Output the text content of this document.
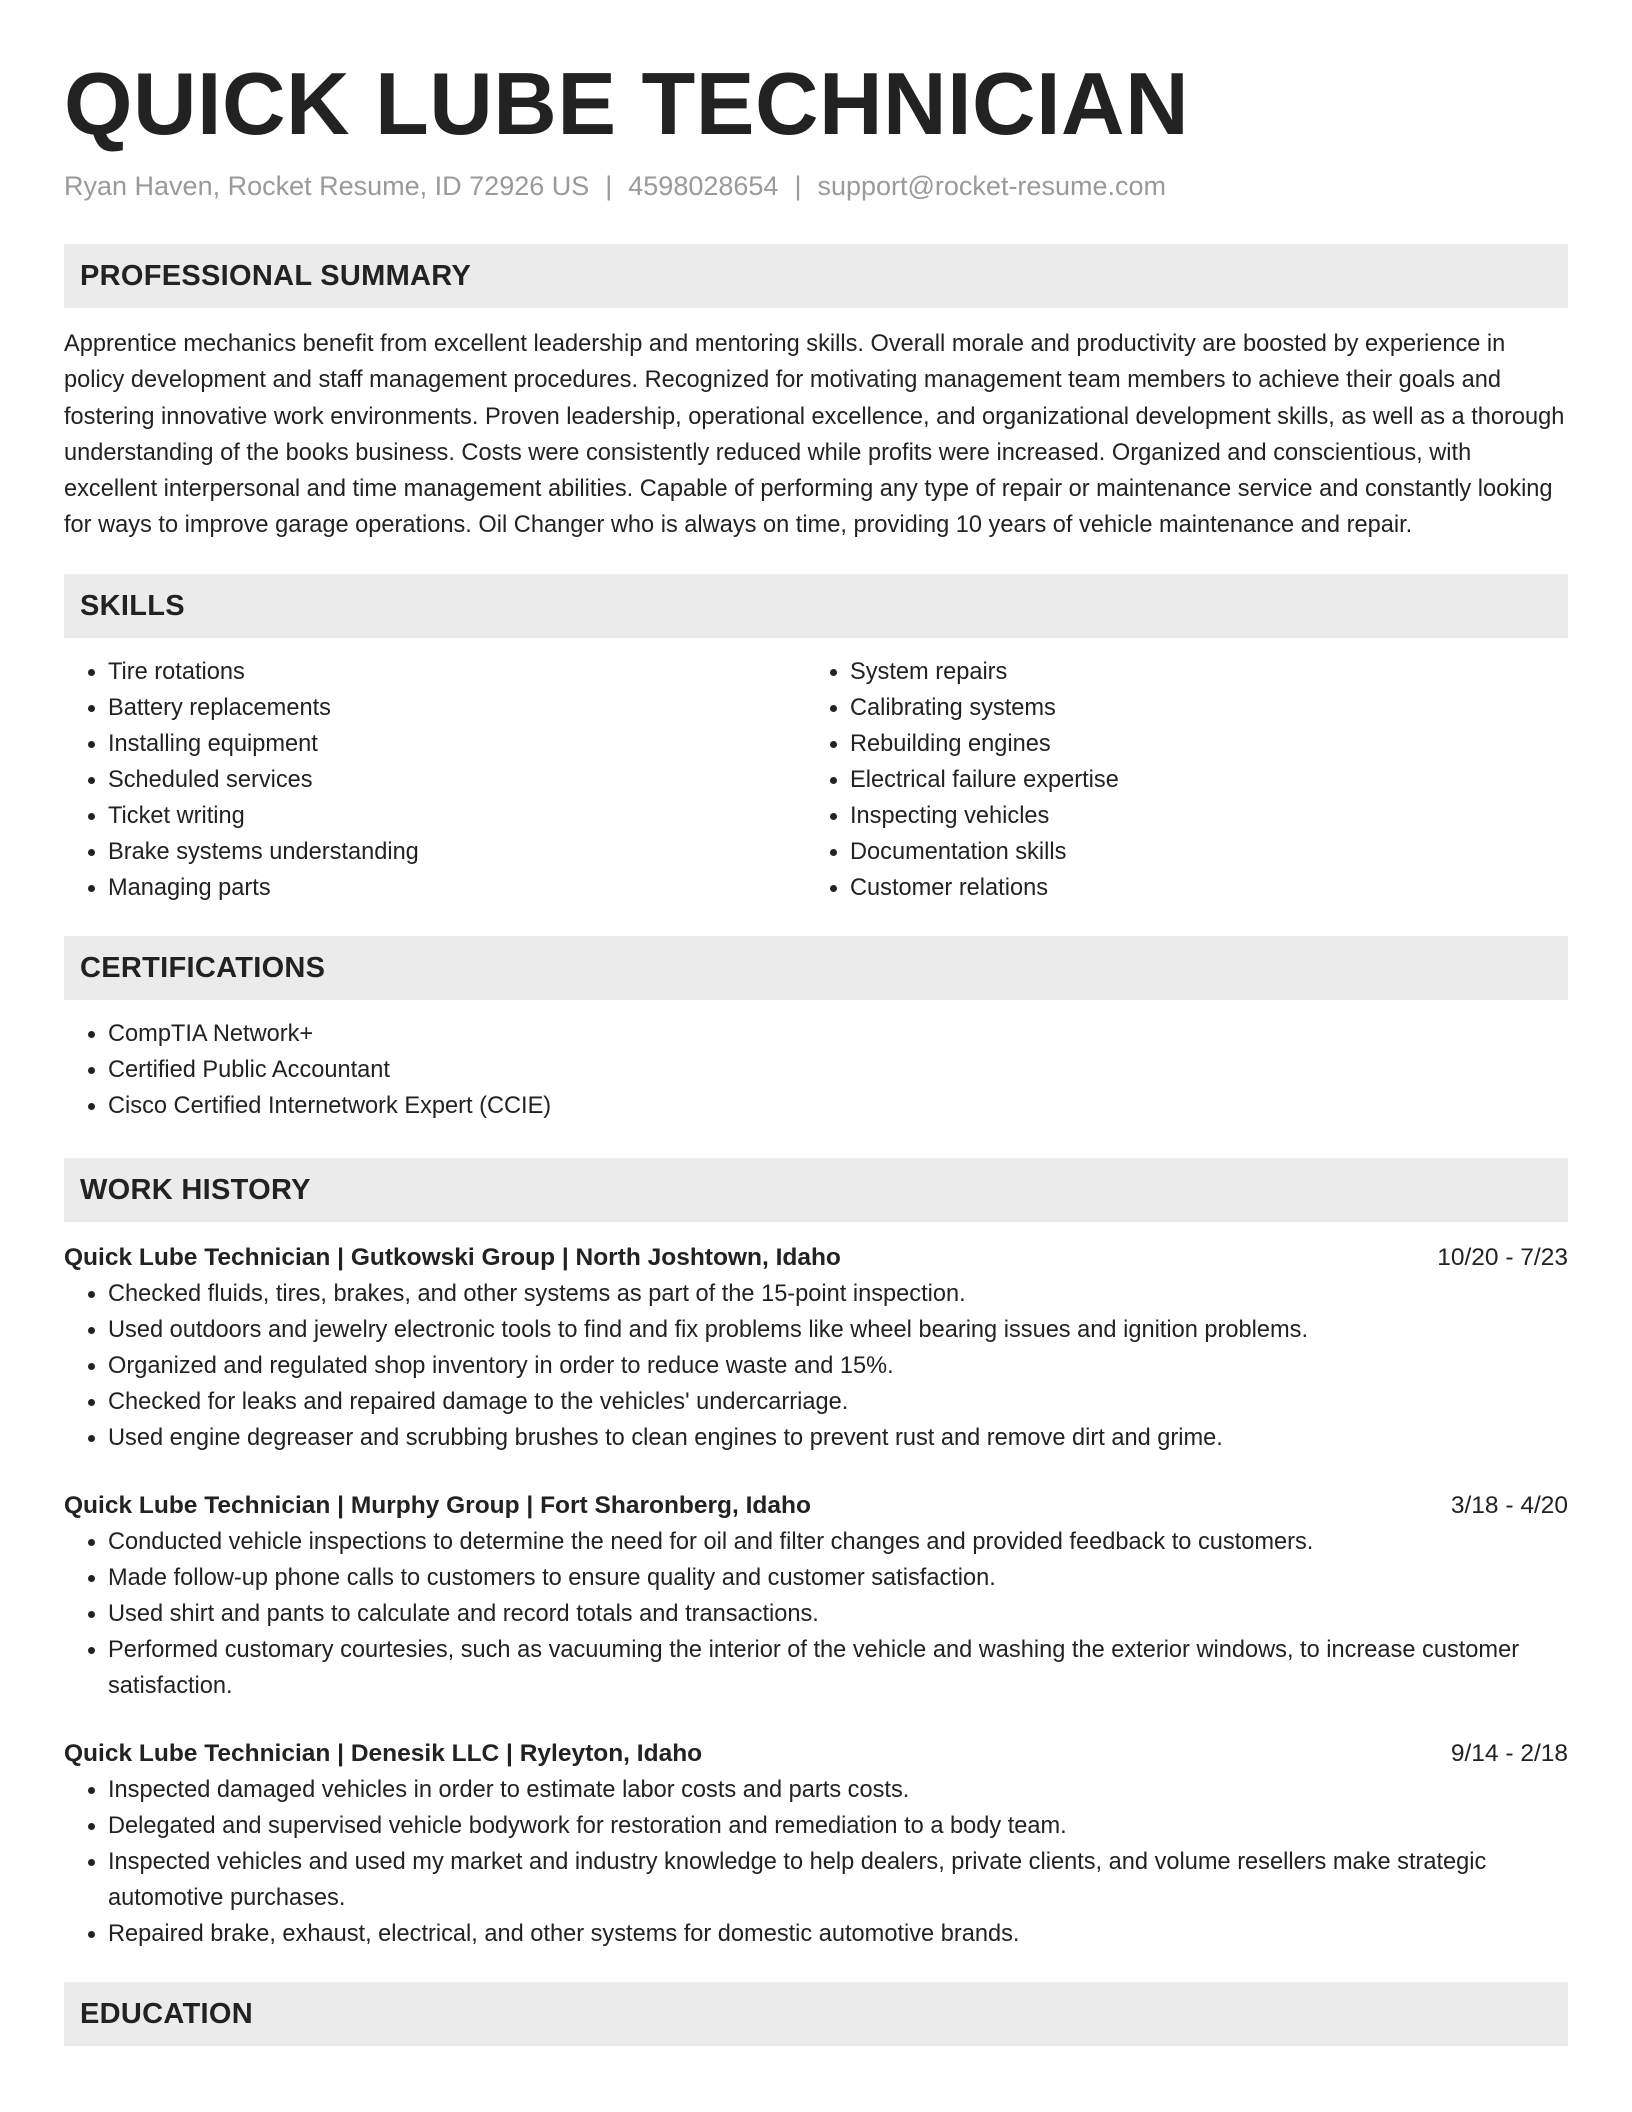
QUICK LUBE TECHNICIAN
Ryan Haven, Rocket Resume, ID 72926 US | 4598028654 | support@rocket-resume.com
PROFESSIONAL SUMMARY
Apprentice mechanics benefit from excellent leadership and mentoring skills. Overall morale and productivity are boosted by experience in policy development and staff management procedures. Recognized for motivating management team members to achieve their goals and fostering innovative work environments. Proven leadership, operational excellence, and organizational development skills, as well as a thorough understanding of the books business. Costs were consistently reduced while profits were increased. Organized and conscientious, with excellent interpersonal and time management abilities. Capable of performing any type of repair or maintenance service and constantly looking for ways to improve garage operations. Oil Changer who is always on time, providing 10 years of vehicle maintenance and repair.
SKILLS
• Tire rotations
• Battery replacements
• Installing equipment
• Scheduled services
• Ticket writing
• Brake systems understanding
• Managing parts
• System repairs
• Calibrating systems
• Rebuilding engines
• Electrical failure expertise
• Inspecting vehicles
• Documentation skills
• Customer relations
CERTIFICATIONS
• CompTIA Network+
• Certified Public Accountant
• Cisco Certified Internetwork Expert (CCIE)
WORK HISTORY
Quick Lube Technician | Gutkowski Group | North Joshtown, Idaho	10/20 - 7/23
• Checked fluids, tires, brakes, and other systems as part of the 15-point inspection.
• Used outdoors and jewelry electronic tools to find and fix problems like wheel bearing issues and ignition problems.
• Organized and regulated shop inventory in order to reduce waste and 15%.
• Checked for leaks and repaired damage to the vehicles' undercarriage.
• Used engine degreaser and scrubbing brushes to clean engines to prevent rust and remove dirt and grime.
Quick Lube Technician | Murphy Group | Fort Sharonberg, Idaho	3/18 - 4/20
• Conducted vehicle inspections to determine the need for oil and filter changes and provided feedback to customers.
• Made follow-up phone calls to customers to ensure quality and customer satisfaction.
• Used shirt and pants to calculate and record totals and transactions.
• Performed customary courtesies, such as vacuuming the interior of the vehicle and washing the exterior windows, to increase customer satisfaction.
Quick Lube Technician | Denesik LLC | Ryleyton, Idaho	9/14 - 2/18
• Inspected damaged vehicles in order to estimate labor costs and parts costs.
• Delegated and supervised vehicle bodywork for restoration and remediation to a body team.
• Inspected vehicles and used my market and industry knowledge to help dealers, private clients, and volume resellers make strategic automotive purchases.
• Repaired brake, exhaust, electrical, and other systems for domestic automotive brands.
EDUCATION
